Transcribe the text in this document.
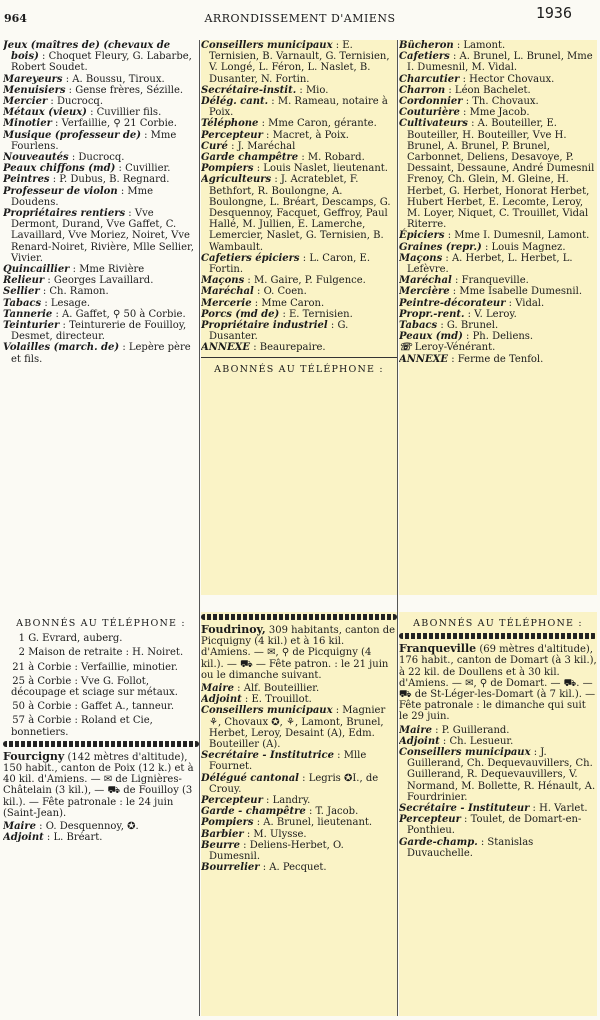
964	ARRONDISSEMENT D'AMIENS	1936

Jeux (maîtres de) (chevaux de bois) : Choquet Fleury, G. Labarbe, Robert Soudet.

Mareyeurs : A. Boussu, Tiroux.

Menuisiers : Gense frères, Sézille.

Mercier : Ducrocq.

Métaux (vieux) : Cuvillier fils.

Minotier : Verfaillie, ⚲ 21 Corbie.

Musique (professeur de) : Mme Fourlens.

Nouveautés : Ducrocq.

Peaux chiffons (md) : Cuvillier.

Peintres : P. Dubus, B. Regnard.

Professeur de violon : Mme Doudens.

Propriétaires rentiers : Vve Dermont, Durand, Vve Gaffet, C. Lavaillard, Vve Moriez, Noiret, Vve Renard-Noiret, Rivière, Mlle Sellier, Vivier.

Quincaillier : Mme Rivière

Relieur : Georges Lavaillard.

Sellier : Ch. Ramon.

Tabacs : Lesage.

Tannerie : A. Gaffet, ⚲ 50 à Corbie.

Teinturier : Teinturerie de Fouilloy, Desmet, directeur.

Volailles (march. de) : Lepère père et fils.

Conseillers municipaux : E. Ternisien, B. Varnault, G. Ternisien, V. Longé, L. Féron, L. Naslet, B. Dusanter, N. Fortin.

Secrétaire-instit. : Mio.

Délég. cant. : M. Rameau, notaire à Poix.

Téléphone : Mme Caron, gérante.

Percepteur : Macret, à Poix.

Curé : J. Maréchal

Garde champêtre : M. Robard.

Pompiers : Louis Naslet, lieutenant.

Agriculteurs : J. Acrateblet, F. Bethfort, R. Boulongne, A. Boulongne, L. Bréart, Descamps, G. Desquennoy, Facquet, Geffroy, Paul Hallé, M. Jullien, E. Lamerche, Lemercier, Naslet, G. Ternisien, B. Wambault.

Cafetiers épiciers : L. Caron, E. Fortin.

Maçons : M. Gaire, P. Fulgence.

Maréchal : O. Coen.

Mercerie : Mme Caron.

Porcs (md de) : E. Ternisien.

Propriétaire industriel : G. Dusanter.

ANNEXE : Beaurepaire.

ABONNÉS AU TÉLÉPHONE :

Bûcheron : Lamont.

Cafetiers : A. Brunel, L. Brunel, Mme I. Dumesnil, M. Vidal.

Charcutier : Hector Chovaux.

Charron : Léon Bachelet.

Cordonnier : Th. Chovaux.

Couturière : Mme Jacob.

Cultivateurs : A. Bouteiller, E. Bouteiller, H. Bouteiller, Vve H. Brunel, A. Brunel, P. Brunel, Carbonnet, Deliens, Desavoye, P. Dessaint, Dessaune, André Dumesnil Frenoy, Ch. Glein, M. Gleine, H. Herbet, G. Herbet, Honorat Herbet, Hubert Herbet, E. Lecomte, Leroy, M. Loyer, Niquet, C. Trouillet, Vidal Riterre.

Épiciers : Mme I. Dumesnil, Lamont.

Graines (repr.) : Louis Magnez.

Maçons : A. Herbet, L. Herbet, L. Lefèvre.

Maréchal : Franqueville.

Mercière : Mme Isabelle Dumesnil.

Peintre-décorateur : Vidal.

Propr.-rent. : V. Leroy.

Tabacs : G. Brunel.

Peaux (md) : Ph. Deliens.

☏ Leroy-Vénérant.

ANNEXE : Ferme de Tenfol.

ABONNÉS AU TÉLÉPHONE :

1 G. Evrard, auberg.

2 Maison de retraite : H. Noiret.

21 à Corbie : Verfaillie, minotier.

25 à Corbie : Vve G. Follot, découpage et sciage sur métaux.

50 à Corbie : Gaffet A., tanneur.

57 à Corbie : Roland et Cie, bonnetiers.

Fourcigny (142 mètres d'altitude), 150 habit., canton de Poix (12 k.) et à 40 kil. d'Amiens. — ✉ de Lignières-Châtelain (3 kil.), — ⛟ de Fouilloy (3 kil.). — Fête patronale : le 24 juin (Saint-Jean).

Maire : O. Desquennoy, ✪.

Adjoint : L. Bréart.

Foudrinoy, 309 habitants, canton de Picquigny (4 kil.) et à 16 kil. d'Amiens. — ✉, ⚲ de Picquigny (4 kil.). — ⛟ — Fête patron. : le 21 juin ou le dimanche suivant.

Maire : Alf. Bouteillier.

Adjoint : E. Trouillot.

Conseillers municipaux : Magnier ⚘, Chovaux ✪, ⚘, Lamont, Brunel, Herbet, Leroy, Desaint (A), Edm. Bouteiller (A).

Secrétaire - Institutrice : Mlle Fournet.

Délégué cantonal : Legris ✪I., de Crouy.

Percepteur : Landry.

Garde - champêtre : T. Jacob.

Pompiers : A. Brunel, lieutenant.

Barbier : M. Ulysse.

Beurre : Deliens-Herbet, O. Dumesnil.

Bourrelier : A. Pecquet.

ABONNÉS AU TÉLÉPHONE :

Franqueville (69 mètres d'altitude), 176 habit., canton de Domart (à 3 kil.), à 22 kil. de Doullens et à 30 kil. d'Amiens. — ✉, ⚲ de Domart. — ⛟. — ⛟ de St-Léger-les-Domart (à 7 kil.). — Fête patronale : le dimanche qui suit le 29 juin.

Maire : P. Guillerand.

Adjoint : Ch. Lesueur.

Conseillers municipaux : J. Guillerand, Ch. Dequevauvillers, Ch. Guillerand, R. Dequevauvillers, V. Normand, M. Bollette, R. Hénault, A. Fourdrinier.

Secrétaire - Instituteur : H. Varlet.

Percepteur : Toulet, de Domart-en-Ponthieu.

Garde-champ. : Stanislas Duvauchelle.
